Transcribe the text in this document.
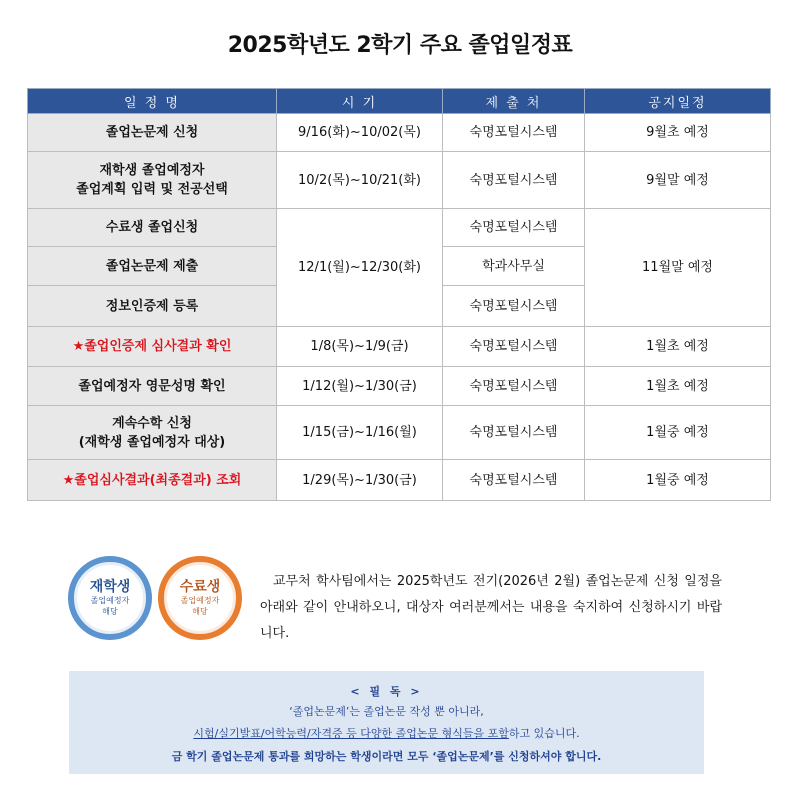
2025학년도 2학기 주요 졸업일정표
일 정 명	시 기	제 출 처	공지일정
졸업논문제 신청	9/16(화)~10/02(목)	숙명포털시스템	9월초 예정
재학생 졸업예정자
졸업계획 입력 및 전공선택	10/2(목)~10/21(화)	숙명포털시스템	9월말 예정
수료생 졸업신청	12/1(월)~12/30(화)	숙명포털시스템	11월말 예정
졸업논문제 제출		학과사무실	
정보인증제 등록		숙명포털시스템	
★졸업인증제 심사결과 확인	1/8(목)~1/9(금)	숙명포털시스템	1월초 예정
졸업예정자 영문성명 확인	1/12(월)~1/30(금)	숙명포털시스템	1월초 예정
계속수학 신청
(재학생 졸업예정자 대상)	1/15(금)~1/16(월)	숙명포털시스템	1월중 예정
★졸업심사결과(최종결과) 조회	1/29(목)~1/30(금)	숙명포털시스템	1월중 예정
재학생
졸업예정자
해당
수료생
졸업예정자
해당
교무처 학사팀에서는 2025학년도 전기(2026년 2월) 졸업논문제 신청 일정을 아래와 같이 안내하오니, 대상자 여러분께서는 내용을 숙지하여 신청하시기 바랍니다.
< 필 독 >
‘졸업논문제’는 졸업논문 작성 뿐 아니라,
시험/실기발표/어학능력/자격증 등 다양한 졸업논문 형식들을 포함하고 있습니다.
금 학기 졸업논문제 통과를 희망하는 학생이라면 모두 ‘졸업논문제’를 신청하셔야 합니다.
